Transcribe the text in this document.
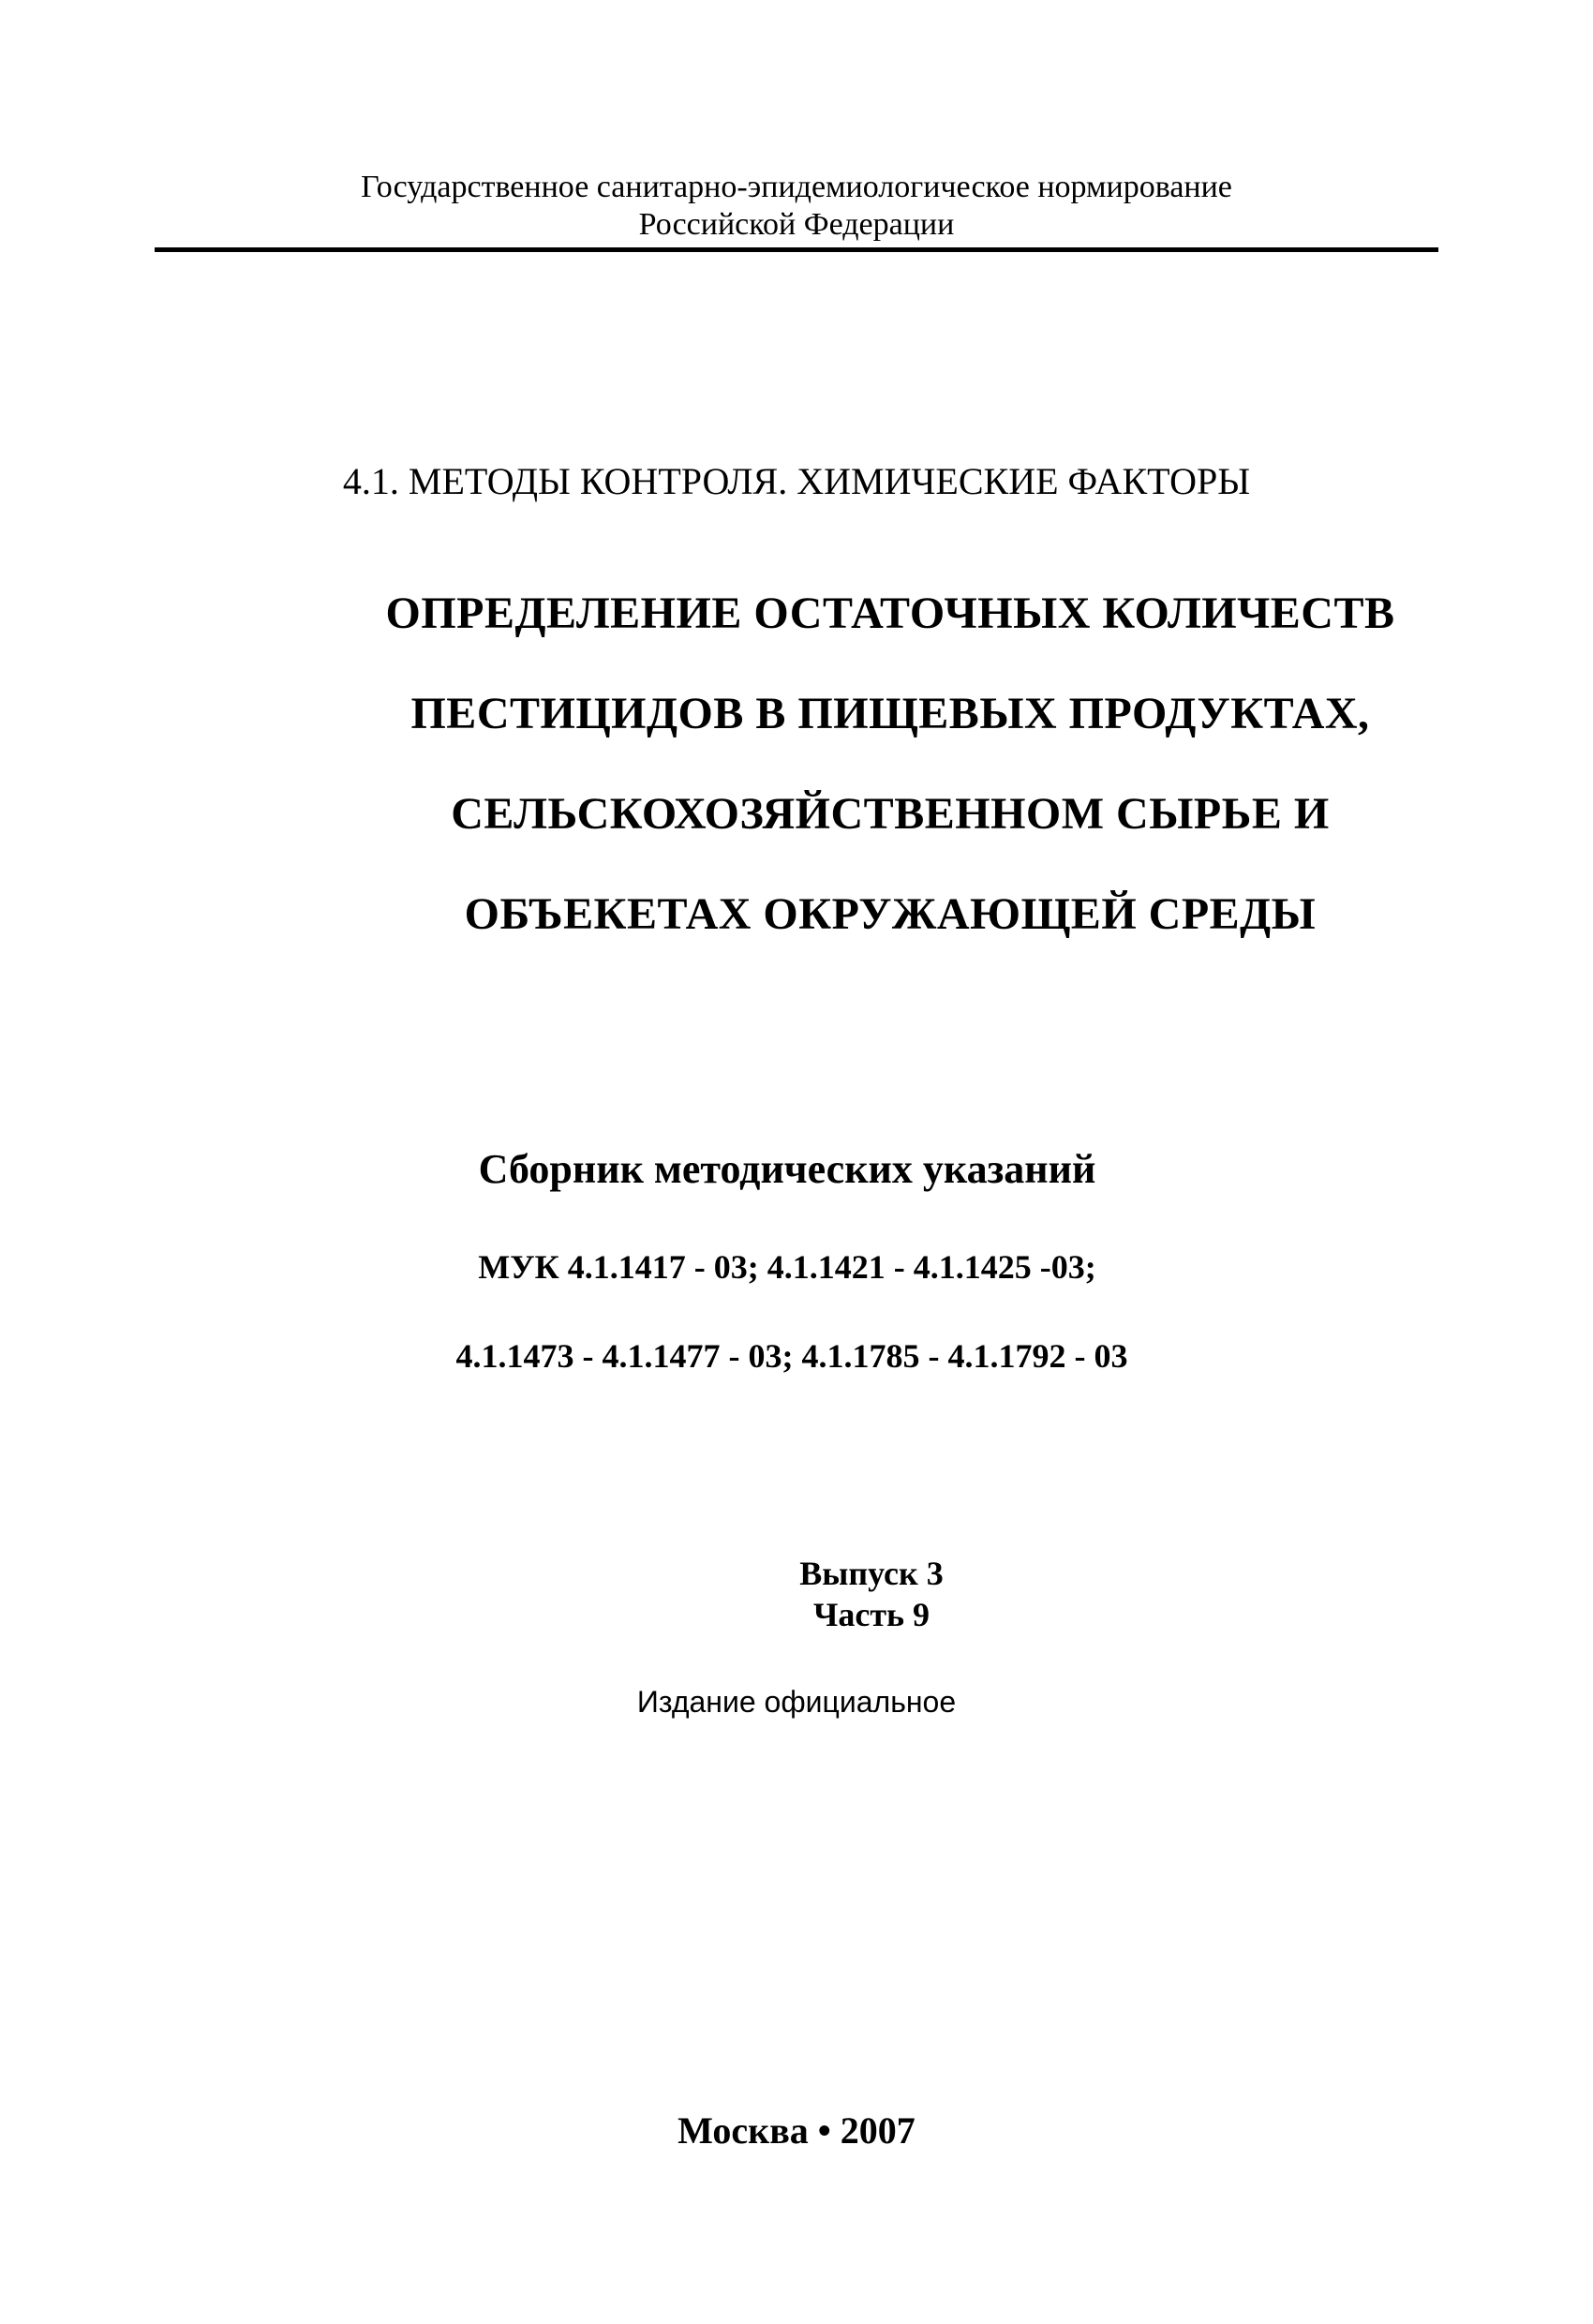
Государственное санитарно-эпидемиологическое нормирование
Российской Федерации
4.1. МЕТОДЫ КОНТРОЛЯ. ХИМИЧЕСКИЕ ФАКТОРЫ
ОПРЕДЕЛЕНИЕ ОСТАТОЧНЫХ КОЛИЧЕСТВ
ПЕСТИЦИДОВ В ПИЩЕВЫХ ПРОДУКТАХ,
СЕЛЬСКОХОЗЯЙСТВЕННОМ СЫРЬЕ И
ОБЪЕКЕТАХ ОКРУЖАЮЩЕЙ СРЕДЫ
Сборник методических указаний
МУК 4.1.1417 - 03; 4.1.1421 - 4.1.1425 -03;
4.1.1473 - 4.1.1477 - 03; 4.1.1785 - 4.1.1792 - 03
Выпуск 3
Часть 9
Издание официальное
Москва • 2007
